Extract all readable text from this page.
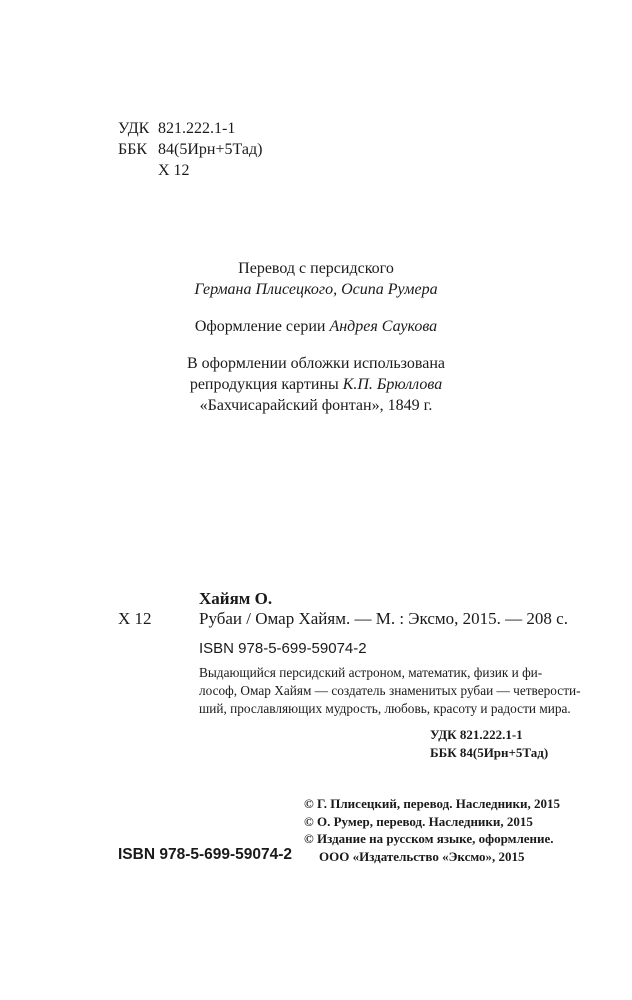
УДК 821.222.1-1
ББК 84(5Ирн+5Тад)
Х 12
Перевод с персидского
Германа Плисецкого, Осипа Румера
Оформление серии Андрея Саукова
В оформлении обложки использована
репродукция картины К.П. Брюллова
«Бахчисарайский фонтан», 1849 г.
Хайям О.
Х 12	Рубаи / Омар Хайям. — М. : Эксмо, 2015. — 208 с.
ISBN 978-5-699-59074-2
Выдающийся персидский астроном, математик, физик и фи-
лософ, Омар Хайям — создатель знаменитых рубаи — четверости-
ший, прославляющих мудрость, любовь, красоту и радости мира.
УДК 821.222.1-1
ББК 84(5Ирн+5Тад)
© Г. Плисецкий, перевод. Наследники, 2015
© О. Румер, перевод. Наследники, 2015
© Издание на русском языке, оформление.
ООО «Издательство «Эксмо», 2015
ISBN 978-5-699-59074-2
